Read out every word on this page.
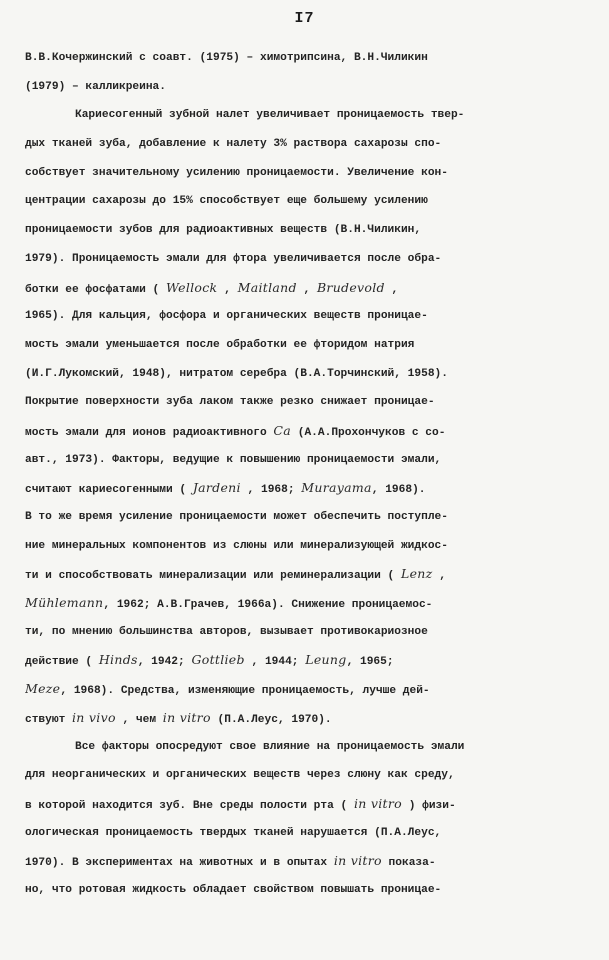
I7
В.В.Кочержинский с соавт. (1975) – химотрипсина, В.Н.Чиликин
(1979) – калликреина.
Кариесогенный зубной налет увеличивает проницаемость твер-
дых тканей зуба, добавление к налету 3% раствора сахарозы спо-
собствует значительному усилению проницаемости. Увеличение кон-
центрации сахарозы до 15% способствует еще большему усилению
проницаемости зубов для радиоактивных веществ (В.Н.Чиликин,
1979). Проницаемость эмали для фтора увеличивается после обра-
ботки ее фосфатами ( Wellock , Maitland , Brudevold ,
1965). Для кальция, фосфора и органических веществ проницае-
мость эмали уменьшается после обработки ее фторидом натрия
(И.Г.Лукомский, 1948), нитратом серебра (В.А.Торчинский, 1958).
Покрытие поверхности зуба лаком также резко снижает проницае-
мость эмали для ионов радиоактивного Ca (А.А.Прохончуков с со-
авт., 1973). Факторы, ведущие к повышению проницаемости эмали,
считают кариесогенными ( Jardeni , 1968; Murayama, 1968).
В то же время усиление проницаемости может обеспечить поступле-
ние минеральных компонентов из слюны или минерализующей жидкос-
ти и способствовать минерализации или реминерализации ( Lenz ,
Mühlemann, 1962; А.В.Грачев, 1966а). Снижение проницаемос-
ти, по мнению большинства авторов, вызывает противокариозное
действие ( Hinds, 1942; Gottlieb , 1944; Leung, 1965;
Meze, 1968). Средства, изменяющие проницаемость, лучше дей-
ствуют in vivo , чем in vitro (П.А.Леус, 1970).
Все факторы опосредуют свое влияние на проницаемость эмали
для неорганических и органических веществ через слюну как среду,
в которой находится зуб. Вне среды полости рта ( in vitro ) физи-
ологическая проницаемость твердых тканей нарушается (П.А.Леус,
1970). В экспериментах на животных и в опытах in vitro показа-
но, что ротовая жидкость обладает свойством повышать проницае-
